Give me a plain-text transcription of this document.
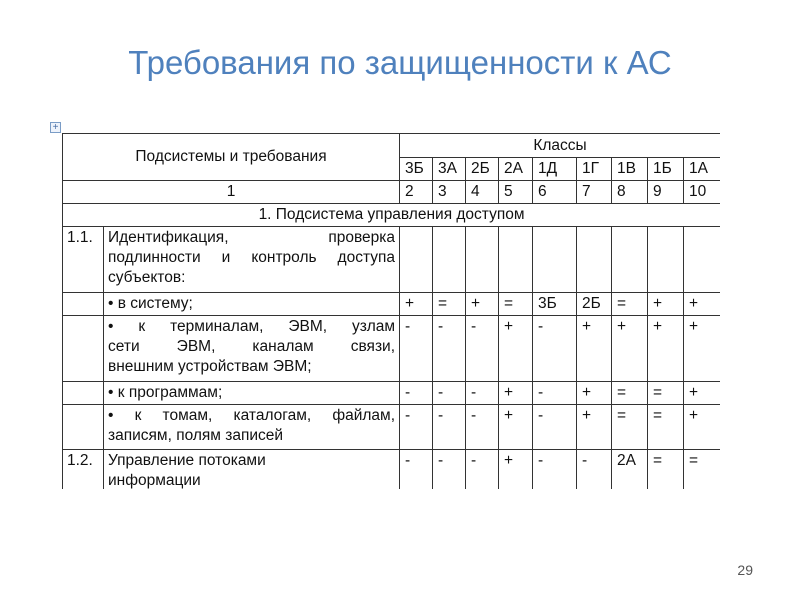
Требования по защищенности к АС
+
Подсистемы и требования		Классы								
		3Б	3А	2Б	2А	1Д	1Г	1В	1Б	1А
1		2	3	4	5	6	7	8	9	10
1. Подсистема управления доступом										
1.1.	Идентификация, проверка
подлинности и контроль доступа
субъектов:									

	• в систему;	+	=	+	=	3Б	2Б	=	+	+

	• к терминалам, ЭВМ, узлам
сети ЭВМ, каналам связи,
внешним устройствам ЭВМ;	-	-	-	+	-	+	+	+	+

	• к программам;	-	-	-	+	-	+	=	=	+

	• к томам, каталогам, файлам,
записям, полям записей	-	-	-	+	-	+	=	=	+
1.2.	Управление потоками
информации	-	-	-	+	-	-	2А	=	=
29
